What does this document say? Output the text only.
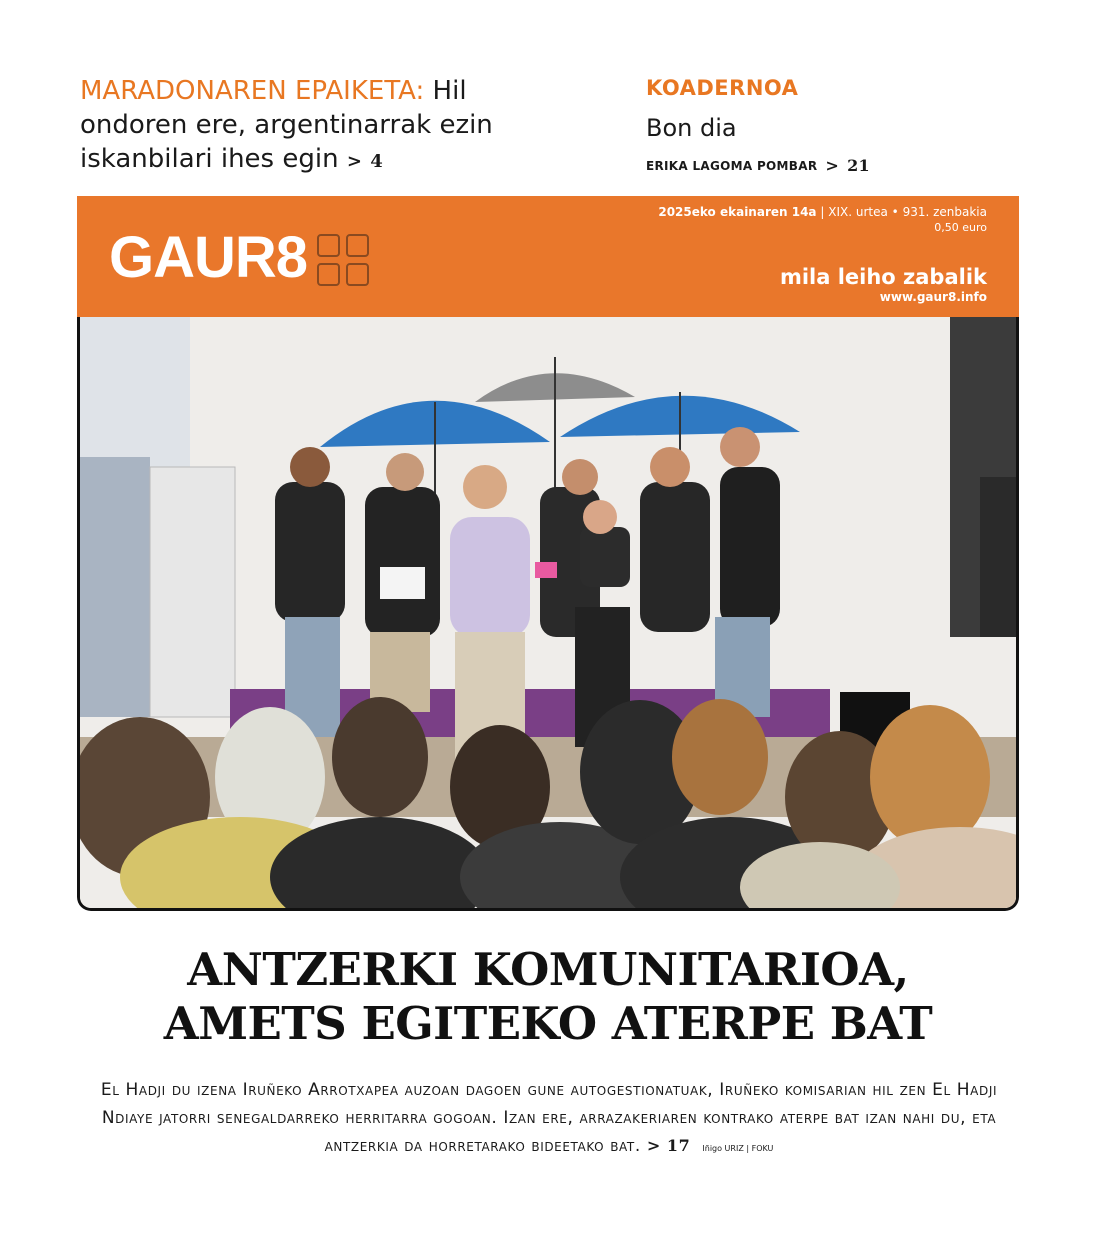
MARADONAREN EPAIKETA: Hil ondoren ere, argentinarrak ezin iskanbilari ihes egin > 4
KOADERNOA
Bon dia
ERIKA LAGOMA POMBAR > 21
GAUR8
2025eko ekainaren 14a | XIX. urtea • 931. zenbakia
0,50 euro
mila leiho zabalik
www.gaur8.info
ANTZERKI KOMUNITARIOA,
AMETS EGITEKO ATERPE BAT
El Hadji du izena Iruñeko Arrotxapea auzoan dagoen gune autogestionatuak, Iruñeko komisarian hil zen El Hadji Ndiaye jatorri senegaldarreko herritarra gogoan. Izan ere, arrazakeriaren kontrako aterpe bat izan nahi du, eta antzerkia da horretarako bideetako bat. > 17 Iñigo URIZ | FOKU
